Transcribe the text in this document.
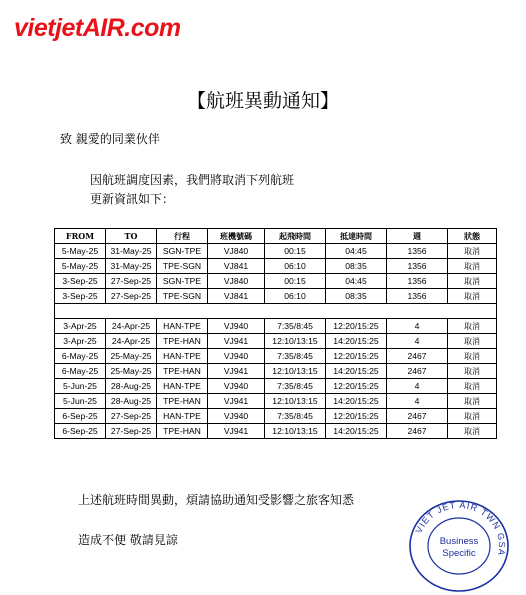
vietjetAIR.com
【航班異動通知】
致 親愛的同業伙伴
因航班調度因素，我們將取消下列航班
更新資訊如下：
FROM	TO	行程	班機號碼	起飛時間	抵達時間	週	狀態
5-May-25	31-May-25	SGN-TPE	VJ840	00:15	04:45	1356	取消
5-May-25	31-May-25	TPE-SGN	VJ841	06:10	08:35	1356	取消
3-Sep-25	27-Sep-25	SGN-TPE	VJ840	00:15	04:45	1356	取消
3-Sep-25	27-Sep-25	TPE-SGN	VJ841	06:10	08:35	1356	取消

3-Apr-25	24-Apr-25	HAN-TPE	VJ940	7:35/8:45	12:20/15:25	4	取消
3-Apr-25	24-Apr-25	TPE-HAN	VJ941	12:10/13:15	14:20/15:25	4	取消
6-May-25	25-May-25	HAN-TPE	VJ940	7:35/8:45	12:20/15:25	2467	取消
6-May-25	25-May-25	TPE-HAN	VJ941	12:10/13:15	14:20/15:25	2467	取消
5-Jun-25	28-Aug-25	HAN-TPE	VJ940	7:35/8:45	12:20/15:25	4	取消
5-Jun-25	28-Aug-25	TPE-HAN	VJ941	12:10/13:15	14:20/15:25	4	取消
6-Sep-25	27-Sep-25	HAN-TPE	VJ940	7:35/8:45	12:20/15:25	2467	取消
6-Sep-25	27-Sep-25	TPE-HAN	VJ941	12:10/13:15	14:20/15:25	2467	取消
上述航班時間異動，煩請協助通知受影響之旅客知悉
造成不便 敬請見諒
VIET JET AIR TWN GSA
Business
Specific
